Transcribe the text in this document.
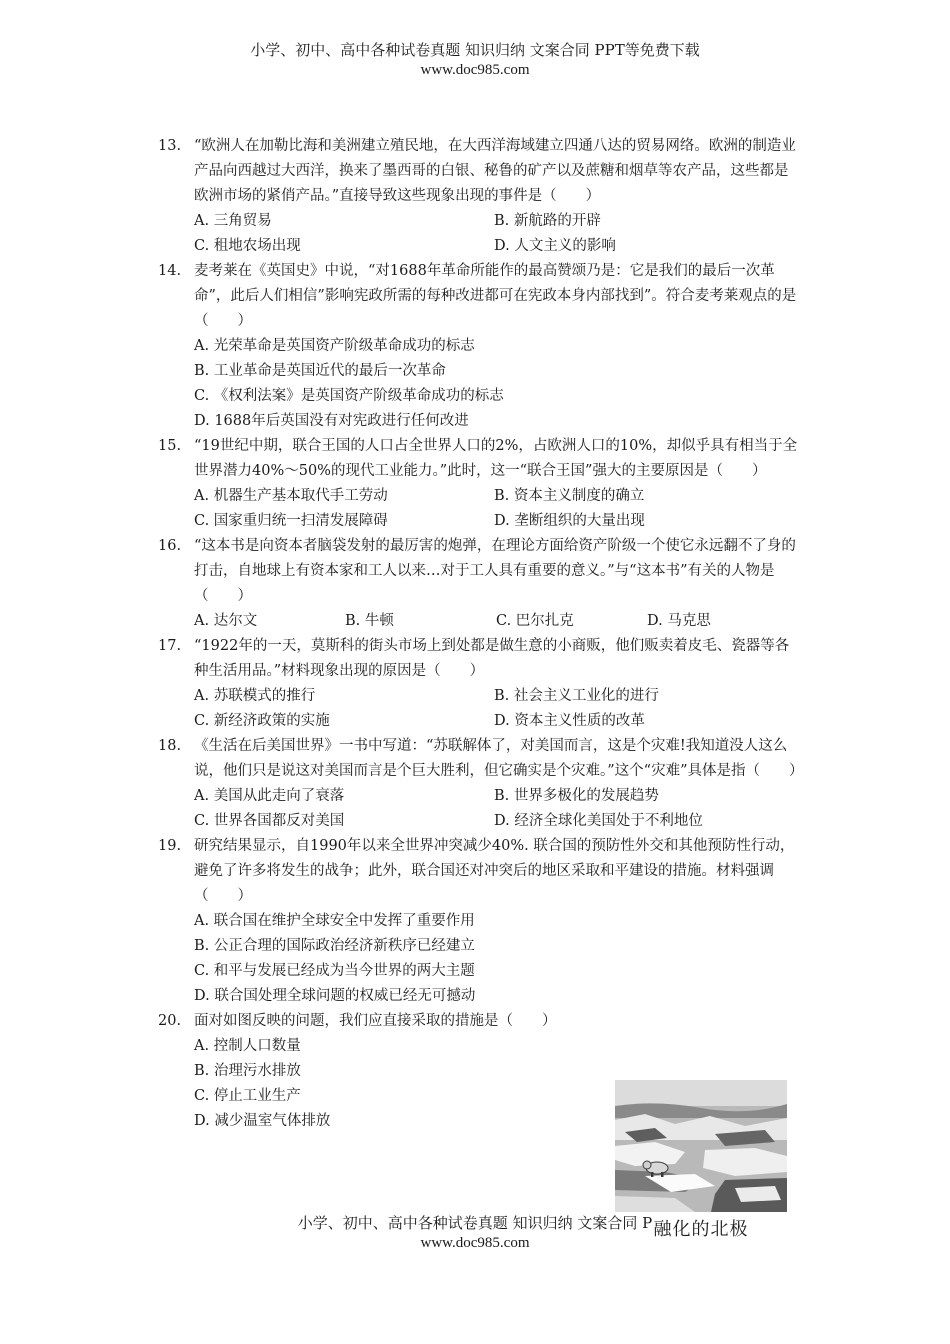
小学、初中、高中各种试卷真题 知识归纳 文案合同 PPT等免费下载
www.doc985.com
13. “欧洲人在加勒比海和美洲建立殖民地，在大西洋海域建立四通八达的贸易网络。欧洲的制造业产品向西越过大西洋，换来了墨西哥的白银、秘鲁的矿产以及蔗糖和烟草等农产品，这些都是欧洲市场的紧俏产品。”直接导致这些现象出现的事件是（　　）
A. 三角贸易	B. 新航路的开辟
C. 租地农场出现	D. 人文主义的影响
14. 麦考莱在《英国史》中说，“对1688年革命所能作的最高赞颂乃是：它是我们的最后一次革命”，此后人们相信”影响宪政所需的每种改进都可在宪政本身内部找到”。符合麦考莱观点的是（　　）
A. 光荣革命是英国资产阶级革命成功的标志
B. 工业革命是英国近代的最后一次革命
C. 《权利法案》是英国资产阶级革命成功的标志
D. 1688年后英国没有对宪政进行任何改进
15. “19世纪中期，联合王国的人口占全世界人口的2%，占欧洲人口的10%，却似乎具有相当于全世界潜力40%～50%的现代工业能力。”此时，这一“联合王国”强大的主要原因是（　　）
A. 机器生产基本取代手工劳动	B. 资本主义制度的确立
C. 国家重归统一扫清发展障碍	D. 垄断组织的大量出现
16. “这本书是向资本者脑袋发射的最厉害的炮弹，在理论方面给资产阶级一个使它永远翻不了身的打击，自地球上有资本家和工人以来…对于工人具有重要的意义。”与“这本书”有关的人物是（　　）
A. 达尔文	B. 牛顿	C. 巴尔扎克	D. 马克思
17. “1922年的一天，莫斯科的街头市场上到处都是做生意的小商贩，他们贩卖着皮毛、瓷器等各种生活用品。”材料现象出现的原因是（　　）
A. 苏联模式的推行	B. 社会主义工业化的进行
C. 新经济政策的实施	D. 资本主义性质的改革
18. 《生活在后美国世界》一书中写道：“苏联解体了，对美国而言，这是个灾难!我知道没人这么说，他们只是说这对美国而言是个巨大胜利，但它确实是个灾难。”这个“灾难”具体是指（　　）
A. 美国从此走向了衰落	B. 世界多极化的发展趋势
C. 世界各国都反对美国	D. 经济全球化美国处于不利地位
19. 研究结果显示，自1990年以来全世界冲突减少40%. 联合国的预防性外交和其他预防性行动，避免了许多将发生的战争；此外，联合国还对冲突后的地区采取和平建设的措施。材料强调（　　）
A. 联合国在维护全球安全中发挥了重要作用
B. 公正合理的国际政治经济新秩序已经建立
C. 和平与发展已经成为当今世界的两大主题
D. 联合国处理全球问题的权威已经无可撼动
20. 面对如图反映的问题，我们应直接采取的措施是（　　）
A. 控制人口数量
B. 治理污水排放
C. 停止工业生产
D. 减少温室气体排放
融化的北极
小学、初中、高中各种试卷真题 知识归纳 文案合同 P
www.doc985.com
